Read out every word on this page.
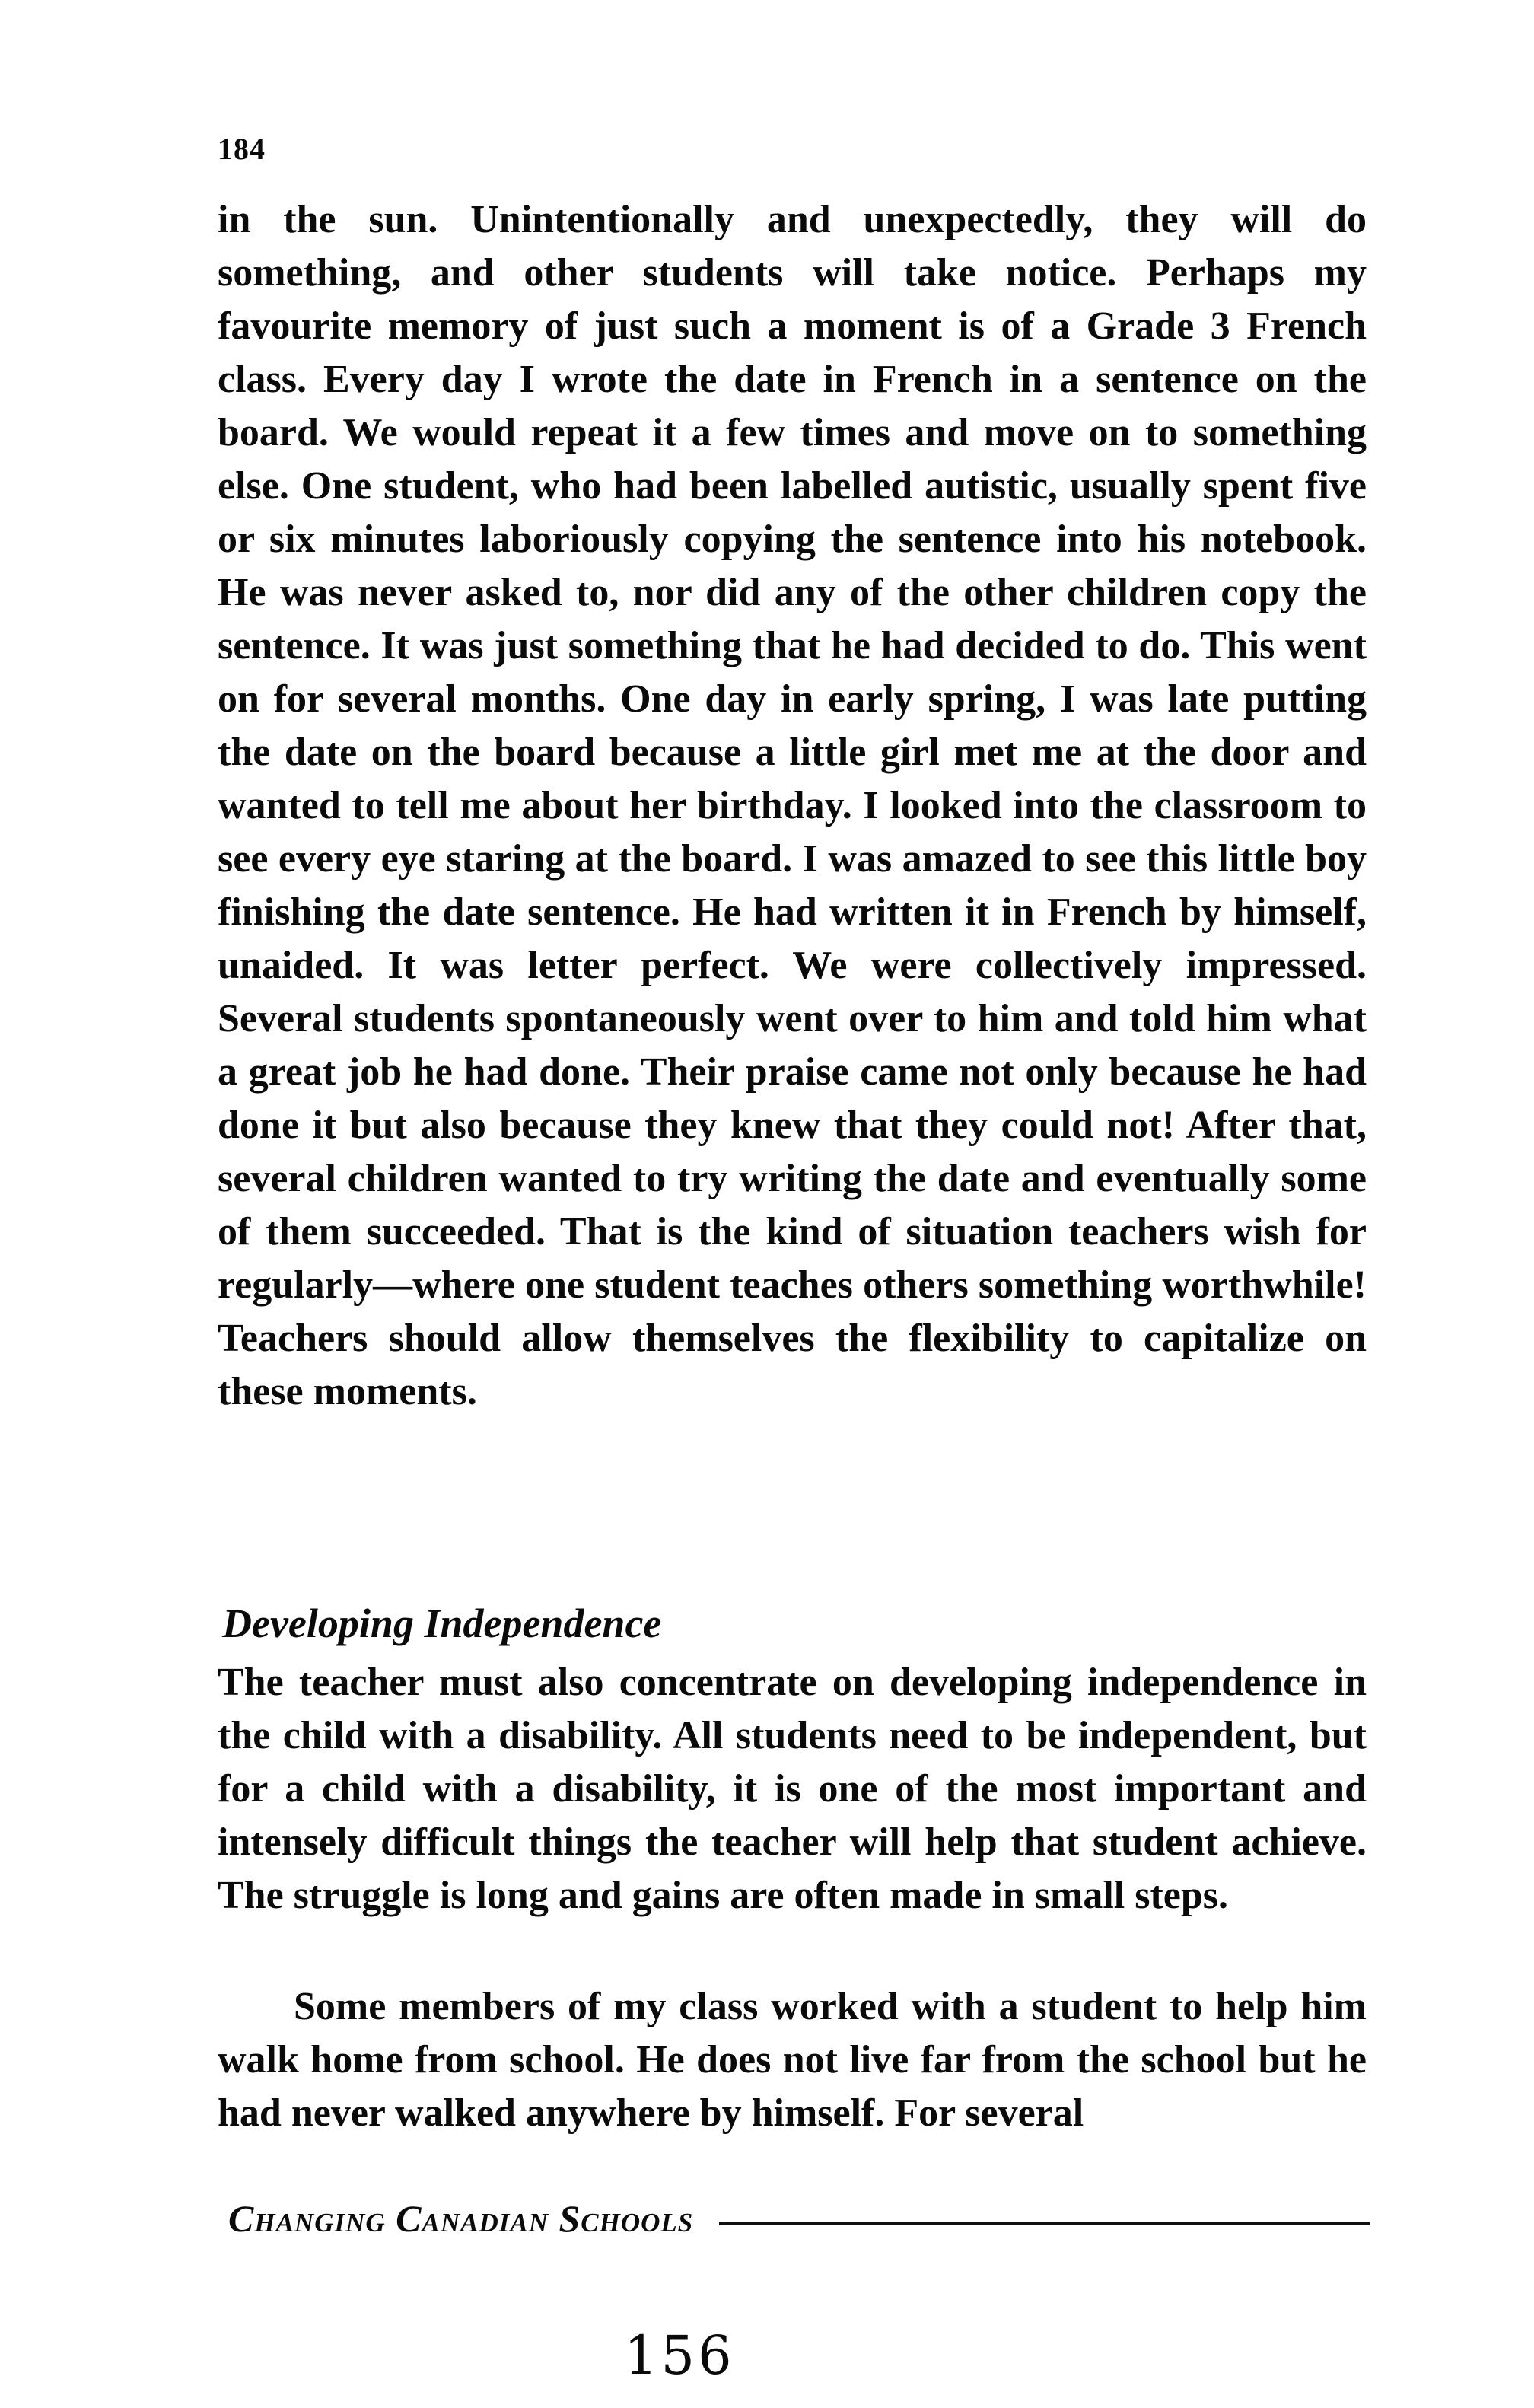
184

in the sun. Unintentionally and unexpectedly, they will do something, and other students will take notice. Perhaps my favourite memory of just such a moment is of a Grade 3 French class. Every day I wrote the date in French in a sentence on the board. We would repeat it a few times and move on to something else. One student, who had been labelled autistic, usually spent five or six minutes laboriously copying the sentence into his notebook. He was never asked to, nor did any of the other children copy the sentence. It was just something that he had decided to do. This went on for several months. One day in early spring, I was late putting the date on the board because a little girl met me at the door and wanted to tell me about her birthday. I looked into the classroom to see every eye staring at the board. I was amazed to see this little boy finishing the date sentence. He had written it in French by himself, unaided. It was letter perfect. We were collectively impressed. Several students spontaneously went over to him and told him what a great job he had done. Their praise came not only because he had done it but also because they knew that they could not! After that, several children wanted to try writing the date and eventually some of them succeeded. That is the kind of situation teachers wish for regularly—where one student teaches others something worthwhile! Teachers should allow themselves the flexibility to capitalize on these moments.

Developing Independence

The teacher must also concentrate on developing independence in the child with a disability. All students need to be independent, but for a child with a disability, it is one of the most important and intensely difficult things the teacher will help that student achieve. The struggle is long and gains are often made in small steps.

Some members of my class worked with a student to help him walk home from school. He does not live far from the school but he had never walked anywhere by himself. For several

Changing Canadian Schools
156
